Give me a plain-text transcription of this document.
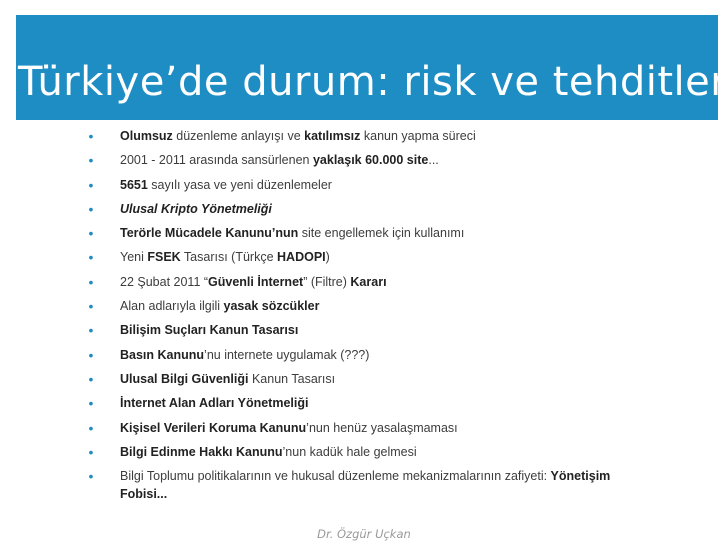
Türkiye’de durum: risk ve tehditler
• Olumsuz düzenleme anlayışı ve katılımsız kanun yapma süreci
• 2001 - 2011 arasında sansürlenen yaklaşık 60.000 site...
• 5651 sayılı yasa ve yeni düzenlemeler
• Ulusal Kripto Yönetmeliği
• Terörle Mücadele Kanunu’nun site engellemek için kullanımı
• Yeni FSEK Tasarısı (Türkçe HADOPI)
• 22 Şubat 2011 “Güvenli İnternet” (Filtre) Kararı
• Alan adlarıyla ilgili yasak sözcükler
• Bilişim Suçları Kanun Tasarısı
• Basın Kanunu’nu internete uygulamak (???)
• Ulusal Bilgi Güvenliği Kanun Tasarısı
• İnternet Alan Adları Yönetmeliği
• Kişisel Verileri Koruma Kanunu’nun henüz yasalaşmaması
• Bilgi Edinme Hakkı Kanunu’nun kadük hale gelmesi
• Bilgi Toplumu politikalarının ve hukusal düzenleme mekanizmalarının zafiyeti: Yönetişim Fobisi...
Dr. Özgür Uçkan
